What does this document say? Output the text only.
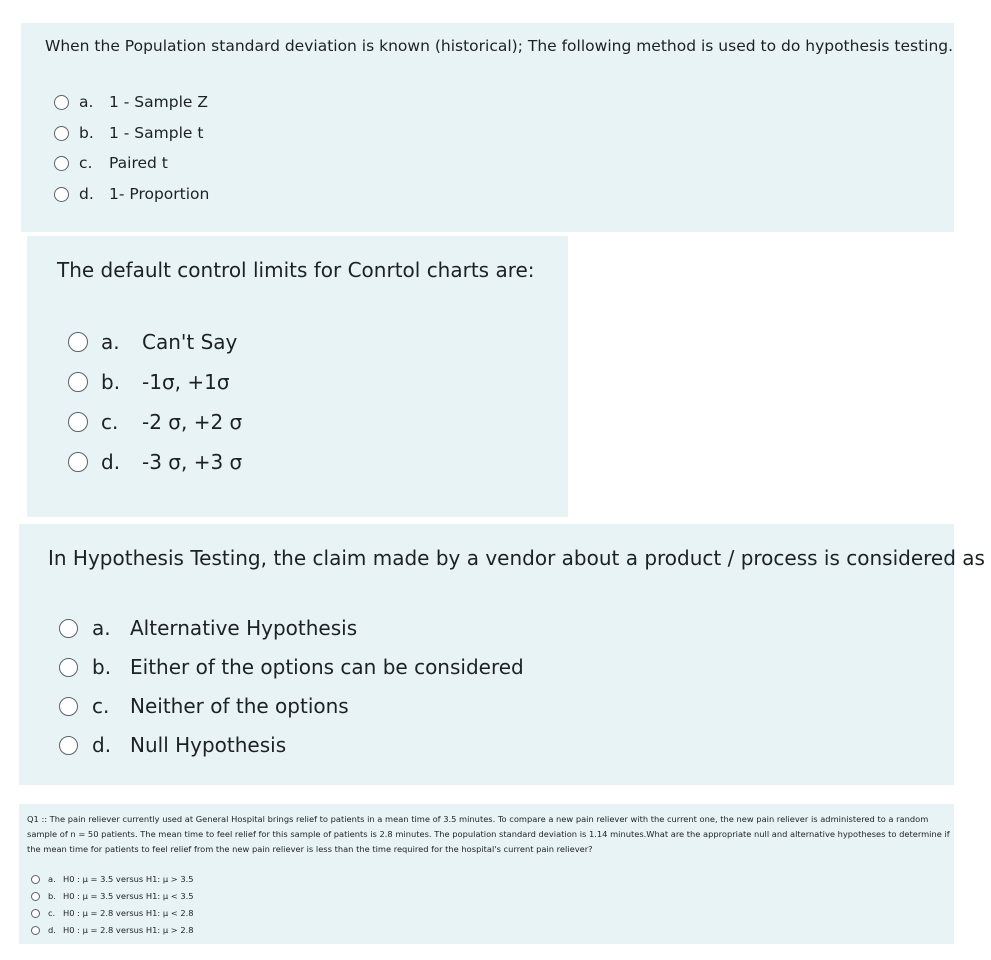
When the Population standard deviation is known (historical); The following method is used to do hypothesis testing.
a.	1 - Sample Z
b. 1 - Sample t
c.	Paired t
d. 1- Proportion
The default control limits for Conrtol charts are:
a.	Can't Say
b.	-1σ, +1σ
c.	-2 σ, +2 σ
d.	-3 σ, +3 σ
In Hypothesis Testing, the claim made by a vendor about a product / process is considered as
a. Alternative Hypothesis
b. Either of the options can be considered
c.	Neither of the options
d. Null Hypothesis
Q1 :: The pain reliever currently used at General Hospital brings relief to patients in a mean time of 3.5 minutes. To compare a new pain reliever with the current one, the new pain reliever is administered to a random sample of n = 50 patients. The mean time to feel relief for this sample of patients is 2.8 minutes. The population standard deviation is 1.14 minutes.What are the appropriate null and alternative hypotheses to determine if the mean time for patients to feel relief from the new pain reliever is less than the time required for the hospital's current pain reliever?
a. H0 : μ = 3.5 versus H1: μ > 3.5
b. H0 : μ = 3.5 versus H1: μ < 3.5
c. H0 : μ = 2.8 versus H1: μ < 2.8
d. H0 : μ = 2.8 versus H1: μ > 2.8
